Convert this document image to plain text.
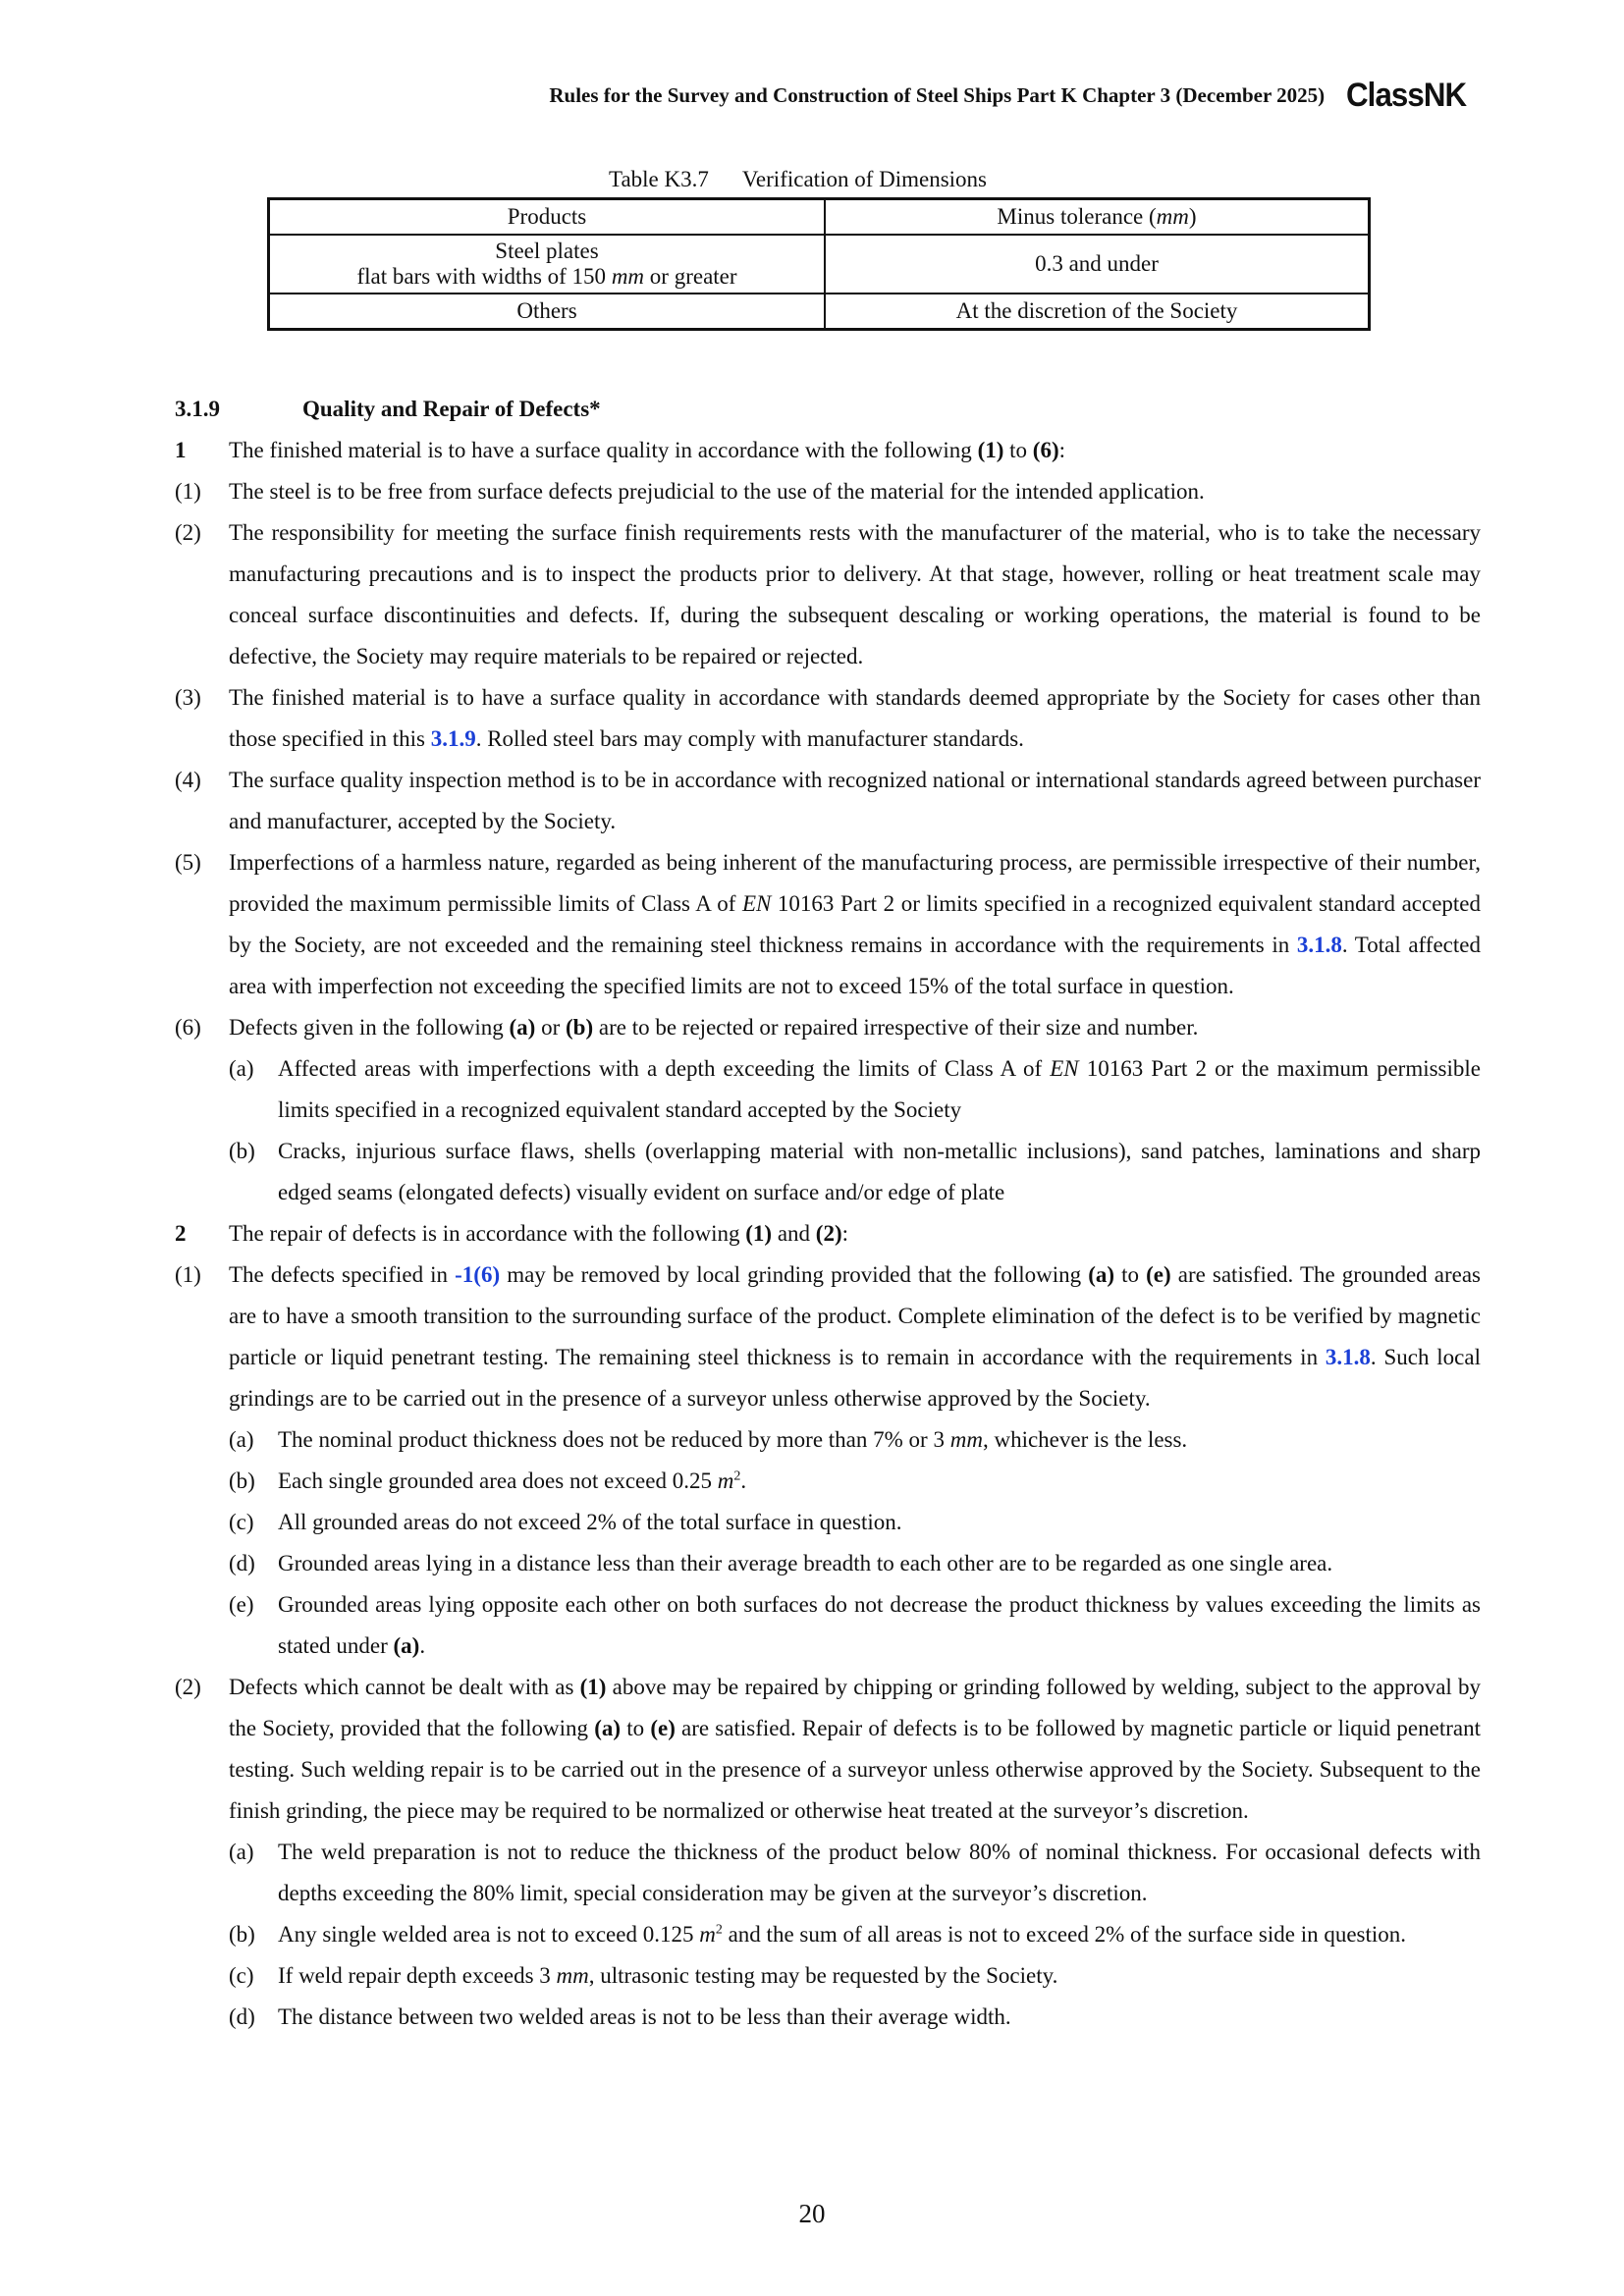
Rules for the Survey and Construction of Steel Ships Part K Chapter 3 (December 2025) ClassNK
Table K3.7 Verification of Dimensions
Products	Minus tolerance (mm)

Steel plates
flat bars with widths of 150 mm or greater	0.3 and under
Others	At the discretion of the Society
3.1.9	Quality and Repair of Defects*
1 The finished material is to have a surface quality in accordance with the following (1) to (6):
(1) The steel is to be free from surface defects prejudicial to the use of the material for the intended application.
(2) The responsibility for meeting the surface finish requirements rests with the manufacturer of the material, who is to take the necessary manufacturing precautions and is to inspect the products prior to delivery. At that stage, however, rolling or heat treatment scale may conceal surface discontinuities and defects. If, during the subsequent descaling or working operations, the material is found to be defective, the Society may require materials to be repaired or rejected.
(3) The finished material is to have a surface quality in accordance with standards deemed appropriate by the Society for cases other than those specified in this 3.1.9. Rolled steel bars may comply with manufacturer standards.
(4) The surface quality inspection method is to be in accordance with recognized national or international standards agreed between purchaser and manufacturer, accepted by the Society.
(5) Imperfections of a harmless nature, regarded as being inherent of the manufacturing process, are permissible irrespective of their number, provided the maximum permissible limits of Class A of EN 10163 Part 2 or limits specified in a recognized equivalent standard accepted by the Society, are not exceeded and the remaining steel thickness remains in accordance with the requirements in 3.1.8. Total affected area with imperfection not exceeding the specified limits are not to exceed 15% of the total surface in question.
(6) Defects given in the following (a) or (b) are to be rejected or repaired irrespective of their size and number.
(a) Affected areas with imperfections with a depth exceeding the limits of Class A of EN 10163 Part 2 or the maximum permissible limits specified in a recognized equivalent standard accepted by the Society
(b) Cracks, injurious surface flaws, shells (overlapping material with non-metallic inclusions), sand patches, laminations and sharp edged seams (elongated defects) visually evident on surface and/or edge of plate
2 The repair of defects is in accordance with the following (1) and (2):
(1) The defects specified in -1(6) may be removed by local grinding provided that the following (a) to (e) are satisfied. The grounded areas are to have a smooth transition to the surrounding surface of the product. Complete elimination of the defect is to be verified by magnetic particle or liquid penetrant testing. The remaining steel thickness is to remain in accordance with the requirements in 3.1.8. Such local grindings are to be carried out in the presence of a surveyor unless otherwise approved by the Society.
(a) The nominal product thickness does not be reduced by more than 7% or 3 mm, whichever is the less.
(b) Each single grounded area does not exceed 0.25 $m^2$.
(c) All grounded areas do not exceed 2% of the total surface in question.
(d) Grounded areas lying in a distance less than their average breadth to each other are to be regarded as one single area.
(e) Grounded areas lying opposite each other on both surfaces do not decrease the product thickness by values exceeding the limits as stated under (a).
(2) Defects which cannot be dealt with as (1) above may be repaired by chipping or grinding followed by welding, subject to the approval by the Society, provided that the following (a) to (e) are satisfied. Repair of defects is to be followed by magnetic particle or liquid penetrant testing. Such welding repair is to be carried out in the presence of a surveyor unless otherwise approved by the Society. Subsequent to the finish grinding, the piece may be required to be normalized or otherwise heat treated at the surveyor’s discretion.
(a) The weld preparation is not to reduce the thickness of the product below 80% of nominal thickness. For occasional defects with depths exceeding the 80% limit, special consideration may be given at the surveyor’s discretion.
(b) Any single welded area is not to exceed 0.125 $m^2$ and the sum of all areas is not to exceed 2% of the surface side in question.
(c) If weld repair depth exceeds 3 mm, ultrasonic testing may be requested by the Society.
(d) The distance between two welded areas is not to be less than their average width.
20
